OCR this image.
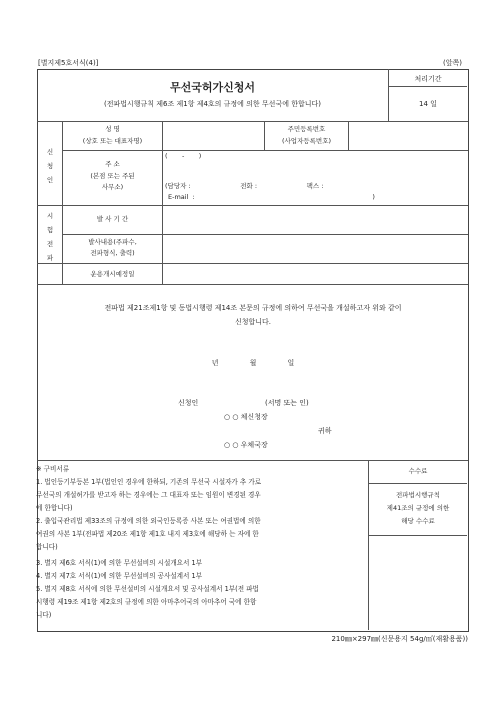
[별지제5호서식(4)]	(앞쪽)
무선국허가신청서
(전파법시행규칙 제6조 제1항 제4호의 규정에 의한 무선국에 한합니다)
처리기간
14 일
신
청
인
성 명
(상호 또는 대표자명)
주민등록번호
(사업자등록번호)
주 소
(본점 또는 주된
사무소)
(       -       )
(담당자 :                        전화 :                        팩스 :
E-mail  :                                                                                      )
시
험
전
파
발 사 기 간
발사내용(주파수,
전파형식, 출력)
운용개시예정일
전파법 제21조제1항 및 동법시행령 제14조 본문의 규정에 의하여 무선국을 개설하고자 위와 같이
신청합니다.
년              월              일
신청인                              (서명 또는 인)
○ ○ 체신청장
귀하
○ ○ 우체국장
※ 구비서류
1. 법인등기부등본 1부(법인인 경우에 한하되, 기존의 무선국 시설자가 추 가로
무선국의 개설허가를 받고자 하는 경우에는 그 대표자 또는 임원이 변경된 경우
에 한합니다)
2. 출입국관리법 제33조의 규정에 의한 외국인등록증 사본 또는 여권법에 의한
여권의 사본 1부(전파법 제20조 제1항 제1호 내지 제3호에 해당하 는 자에 한
합니다)
3. 별지 제6호 서식(1)에 의한 무선설비의 시설개요서 1부
4. 별지 제7호 서식(1)에 의한 무선설비의 공사설계서 1부
5. 별지 제8호 서식에 의한 무선설비의 시설개요서 및 공사설계서 1부(전 파법
시행령 제19조 제1항 제2호의 규정에 의한 아마추어국의 아마추어 국에 한함
니다)
수수료
전파법시행규칙
제41조의 규정에 의한
해당 수수료
210㎜×297㎜(신문용지 54g/㎡(재활용품))
